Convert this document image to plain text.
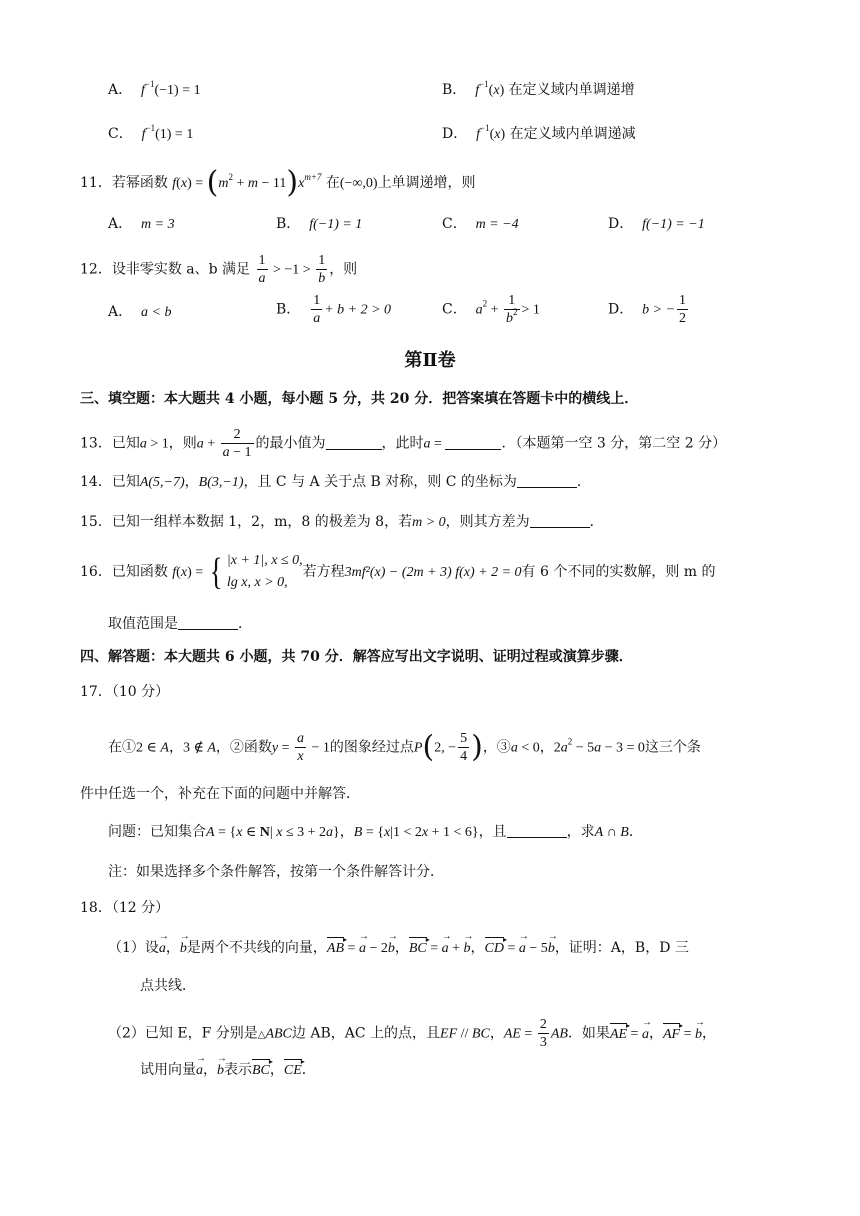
A． $f^{-1}(-1) = 1$	B． $f^{-1}(x)$ 在定义域内单调递增
C． $f^{-1}(1) = 1$	D． $f^{-1}(x)$ 在定义域内单调递减
11．若幂函数 $f(x) = (m^2 + m - 11)x^{m+7}$ 在(−∞,0)上单调递增，则
A． m = 3	B． f(−1) = 1	C． m = −4	D． f(−1) = −1
12．设非零实数 a、b 满足 $\frac{1}{a} > -1 > \frac{1}{b}$ ，则
A． a < b	B． $\frac{1}{a} + b + 2 > 0$	C． $a^2 + \frac{1}{b^2} > 1$	D． b > − $\frac{1}{2}$
第Ⅱ卷
三、填空题：本大题共 4 小题，每小题 5 分，共 20 分．把答案填在答题卡中的横线上．
13．已知a > 1，则$a + \frac{2}{a - 1}$ 的最小值为	，此时a =	．（本题第一空 3 分，第二空 2 分）
14．已知A(5,−7)，B(3,−1)，且 C 与 A 关于点 B 对称，则 C 的坐标为	．
15．已知一组样本数据 1，2，m，8 的极差为 8，若m > 0，则其方差为	．
16．已知函数 f(x) = { |x + 1|, x ≤ 0,
lg x, x > 0,
若方程3mf²(x) − (2m + 3) f(x) + 2 = 0有 6 个不同的实数解，则 m 的
取值范围是	．
四、解答题：本大题共 6 小题，共 70 分．解答应写出文字说明、证明过程或演算步骤．
17．（10 分）
在①2 ∈ A，3 ∉ A，②函数$y = \frac{a}{x} - 1$的图象经过点P(2, − $\frac{5}{4}$ )，③a < 0，$2a^2 - 5a - 3 = 0$这三个条
件中任选一个，补充在下面的问题中并解答．
问题：已知集合A = {x ∈ N| x ≤ 3 + 2a}，B = {x|1 < 2x + 1 < 6}，且	，求A ∩ B．
注：如果选择多个条件解答，按第一个条件解答计分．
18．（12 分）
（1）设→ a，→ b是两个不共线的向量，AB ▸ = → a − 2→ b，BC ▸ = → a + → b，CD ▸ = → a − 5→ b，证明：A，B，D 三
点共线．
（2）已知 E，F 分别是△ABC边 AB，AC 上的点，且EF // BC，AE = $\frac{2}{3}$ AB．如果AE ▸ = → a，AF ▸ = → b，
试用向量→ a，→ b表示BC ▸，CE ▸．
